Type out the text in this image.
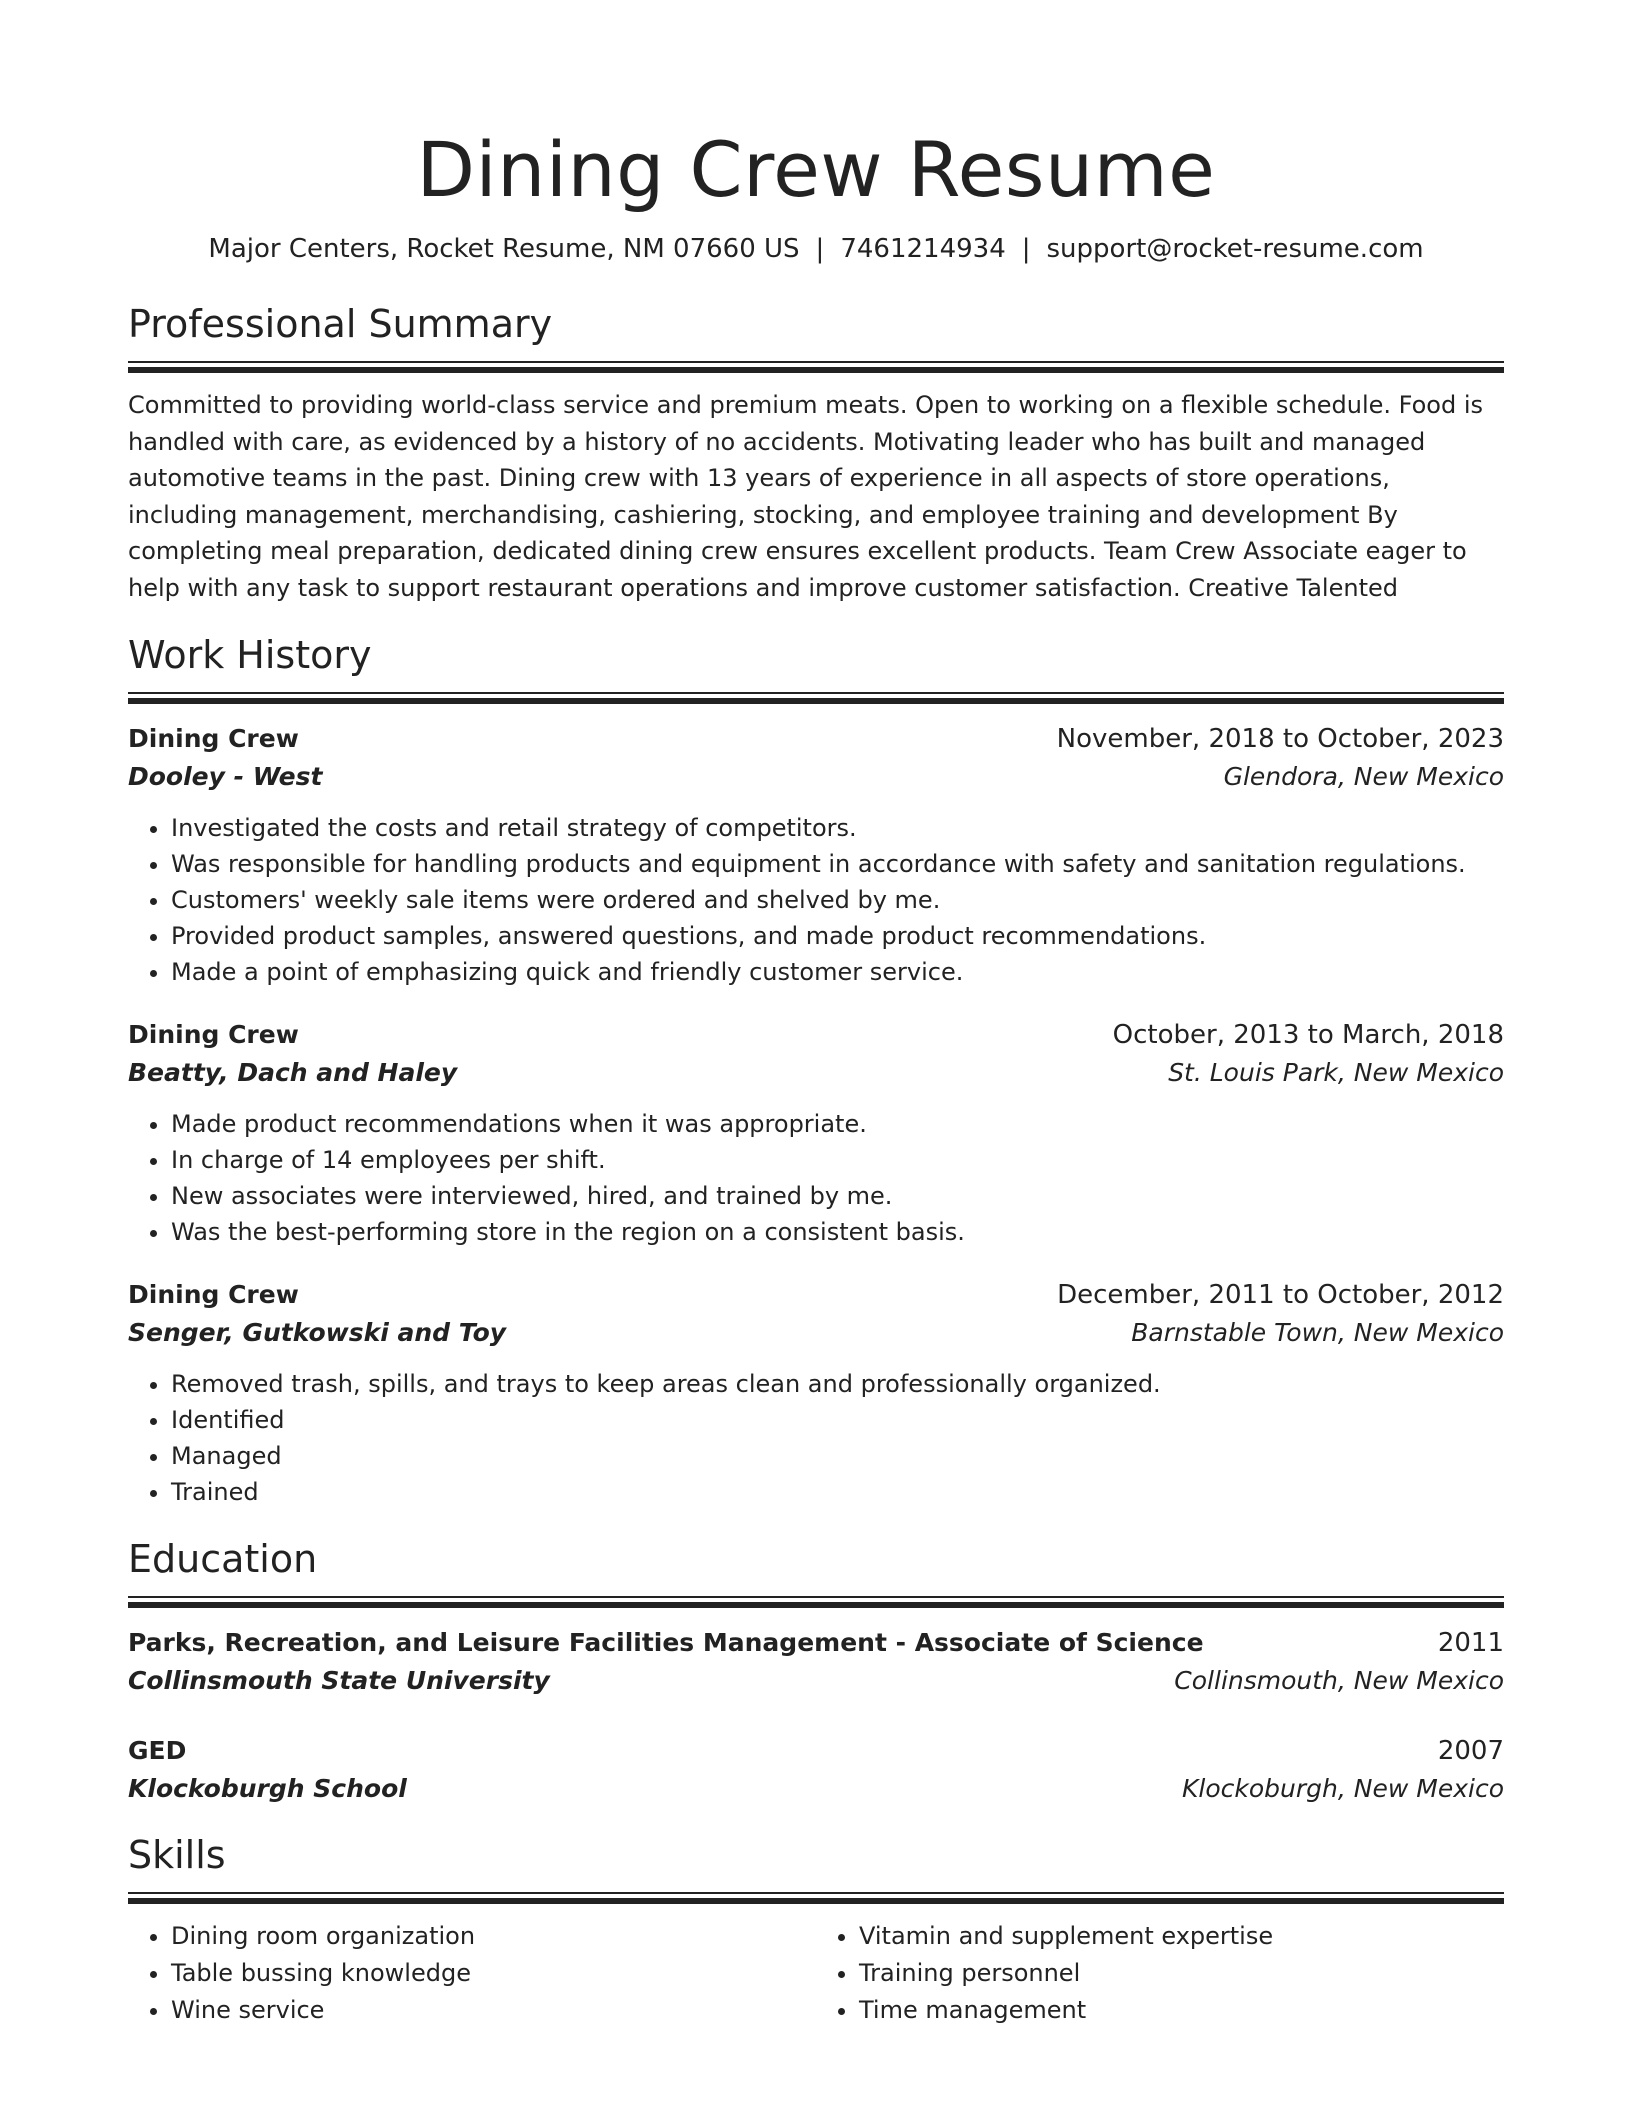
Dining Crew Resume
Major Centers, Rocket Resume, NM 07660 US | 7461214934 | support@rocket-resume.com
Professional Summary
Committed to providing world-class service and premium meats. Open to working on a flexible schedule. Food is handled with care, as evidenced by a history of no accidents. Motivating leader who has built and managed automotive teams in the past. Dining crew with 13 years of experience in all aspects of store operations, including management, merchandising, cashiering, stocking, and employee training and development By completing meal preparation, dedicated dining crew ensures excellent products. Team Crew Associate eager to help with any task to support restaurant operations and improve customer satisfaction. Creative Talented
Work History
Dining Crew	November, 2018 to October, 2023
Dooley - West	Glendora, New Mexico
• Investigated the costs and retail strategy of competitors.
• Was responsible for handling products and equipment in accordance with safety and sanitation regulations.
• Customers' weekly sale items were ordered and shelved by me.
• Provided product samples, answered questions, and made product recommendations.
• Made a point of emphasizing quick and friendly customer service.
Dining Crew	October, 2013 to March, 2018
Beatty, Dach and Haley	St. Louis Park, New Mexico
• Made product recommendations when it was appropriate.
• In charge of 14 employees per shift.
• New associates were interviewed, hired, and trained by me.
• Was the best-performing store in the region on a consistent basis.
Dining Crew	December, 2011 to October, 2012
Senger, Gutkowski and Toy	Barnstable Town, New Mexico
• Removed trash, spills, and trays to keep areas clean and professionally organized.
• Identified
• Managed
• Trained
Education
Parks, Recreation, and Leisure Facilities Management - Associate of Science	2011
Collinsmouth State University	Collinsmouth, New Mexico
GED	2007
Klockoburgh School	Klockoburgh, New Mexico
Skills
• Dining room organization
• Table bussing knowledge
• Wine service
• Vitamin and supplement expertise
• Training personnel
• Time management
